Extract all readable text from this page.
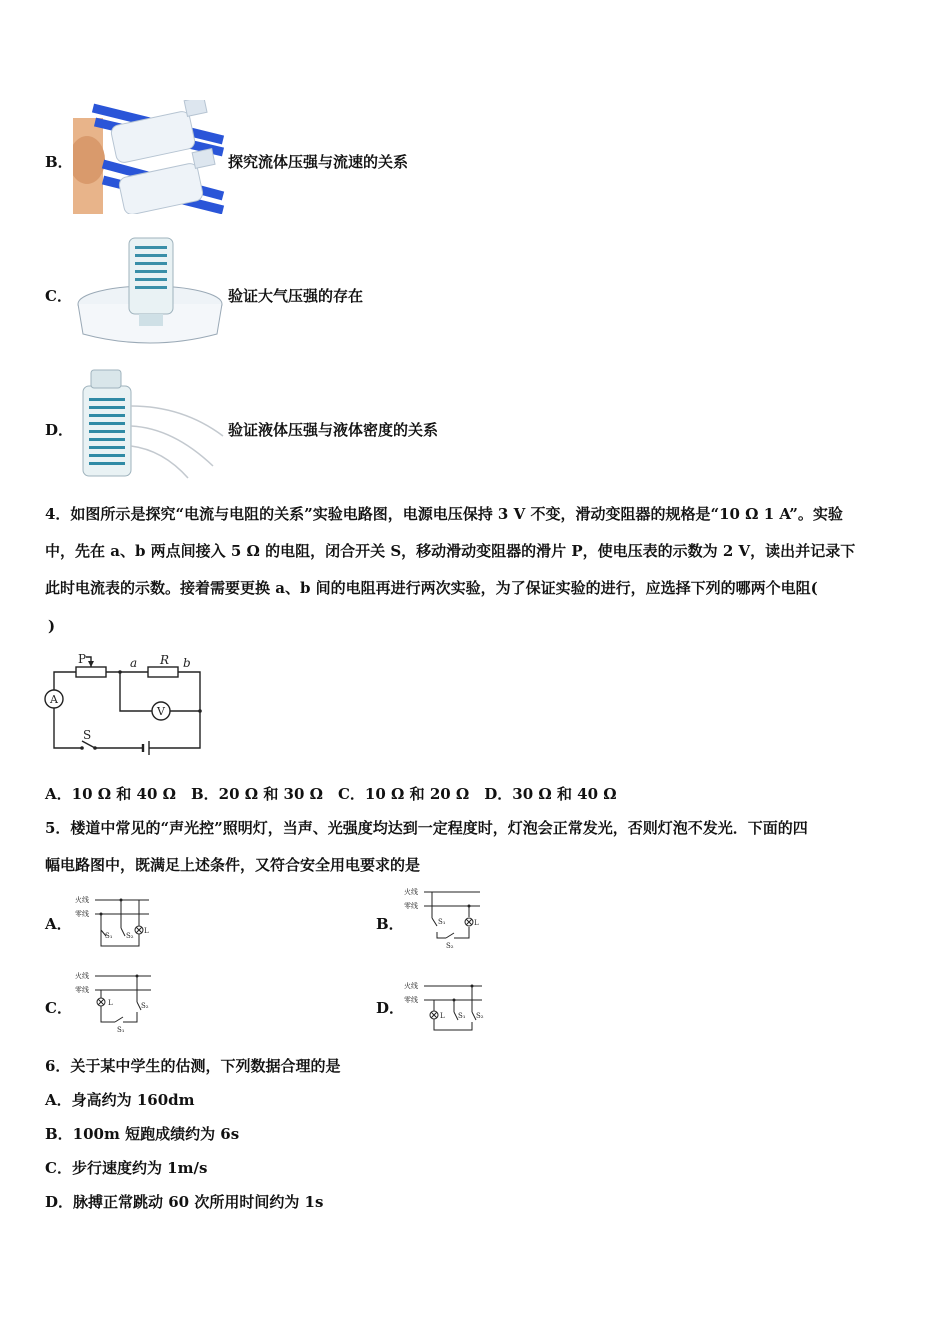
B．	探究流体压强与流速的关系
C．	验证大气压强的存在
D．	验证液体压强与液体密度的关系
4．如图所示是探究“电流与电阻的关系”实验电路图，电源电压保持 3 V 不变，滑动变阻器的规格是“10 Ω 1 A”。实验
中，先在 a、b 两点间接入 5 Ω 的电阻，闭合开关 S，移动滑动变阻器的滑片 P，使电压表的示数为 2 V，读出并记录下
此时电流表的示数。接着需要更换 a、b 间的电阻再进行两次实验，为了保证实验的进行，应选择下列的哪两个电阻(
)
P	a R b
A
V
S
A．10 Ω 和 40 Ω　B．20 Ω 和 30 Ω　C．10 Ω 和 20 Ω　D．30 Ω 和 40 Ω
5．楼道中常见的“声光控”照明灯，当声、光强度均达到一定程度时，灯泡会正常发光，否则灯泡不发光．下面的四
幅电路图中，既满足上述条件，又符合安全用电要求的是
A．
火线
零线
S₁ S₂
L	B．
火线
零线
S₁
S₂
L
C．
火线
零线
L	S₂
S₁
D．
火线
零线
L S₁ S₂
6．关于某中学生的估测，下列数据合理的是
A．身高约为 160dm
B．100m 短跑成绩约为 6s
C．步行速度约为 1m/s
D．脉搏正常跳动 60 次所用时间约为 1s
